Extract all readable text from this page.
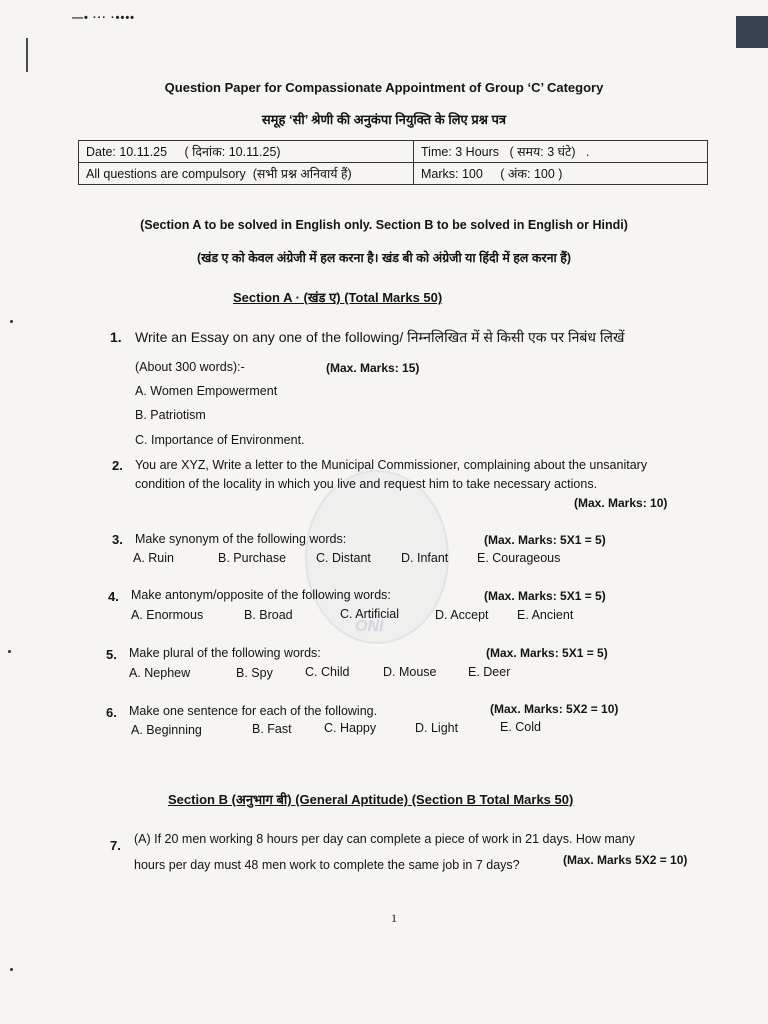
—• ··· ·••••
ONI
Question Paper for Compassionate Appointment of Group ‘C’ Category
समूह ‘सी’ श्रेणी की अनुकंपा नियुक्ति के लिए प्रश्न पत्र
Date: 10.11.25 ( दिनांक: 10.11.25)	Time: 3 Hours ( समय: 3 घंटे) .
All questions are compulsory (सभी प्रश्न अनिवार्य हैं)	Marks: 100 ( अंक: 100 )
(Section A to be solved in English only. Section B to be solved in English or Hindi)
(खंड ए को केवल अंग्रेजी में हल करना है। खंड बी को अंग्रेजी या हिंदी में हल करना हैं)
Section A · (खंड ए) (Total Marks 50)
1. Write an Essay on any one of the following/ निम्नलिखित में से किसी एक पर निबंध लिखें
(About 300 words):-	(Max. Marks: 15)
A. Women Empowerment
B. Patriotism
C. Importance of Environment.
2. You are XYZ, Write a letter to the Municipal Commissioner, complaining about the unsanitary
condition of the locality in which you live and request him to take necessary actions.
(Max. Marks: 10)
3. Make synonym of the following words:	(Max. Marks: 5X1 = 5)
A. Ruin	B. Purchase C. Distant D. Infant E. Courageous
4. Make antonym/opposite of the following words:	(Max. Marks: 5X1 = 5)
A. Enormous	B. Broad	C. Artificial	D. Accept E. Ancient
5. Make plural of the following words:	(Max. Marks: 5X1 = 5)
A. Nephew	B. Spy	C. Child	D. Mouse	E. Deer
6. Make one sentence for each of the following.	(Max. Marks: 5X2 = 10)
A. Beginning	B. Fast	C. Happy	D. Light	E. Cold
Section B (अनुभाग बी) (General Aptitude) (Section B Total Marks 50)
7. (A) If 20 men working 8 hours per day can complete a piece of work in 21 days. How many
hours per day must 48 men work to complete the same job in 7 days?	(Max. Marks 5X2 = 10)
1
